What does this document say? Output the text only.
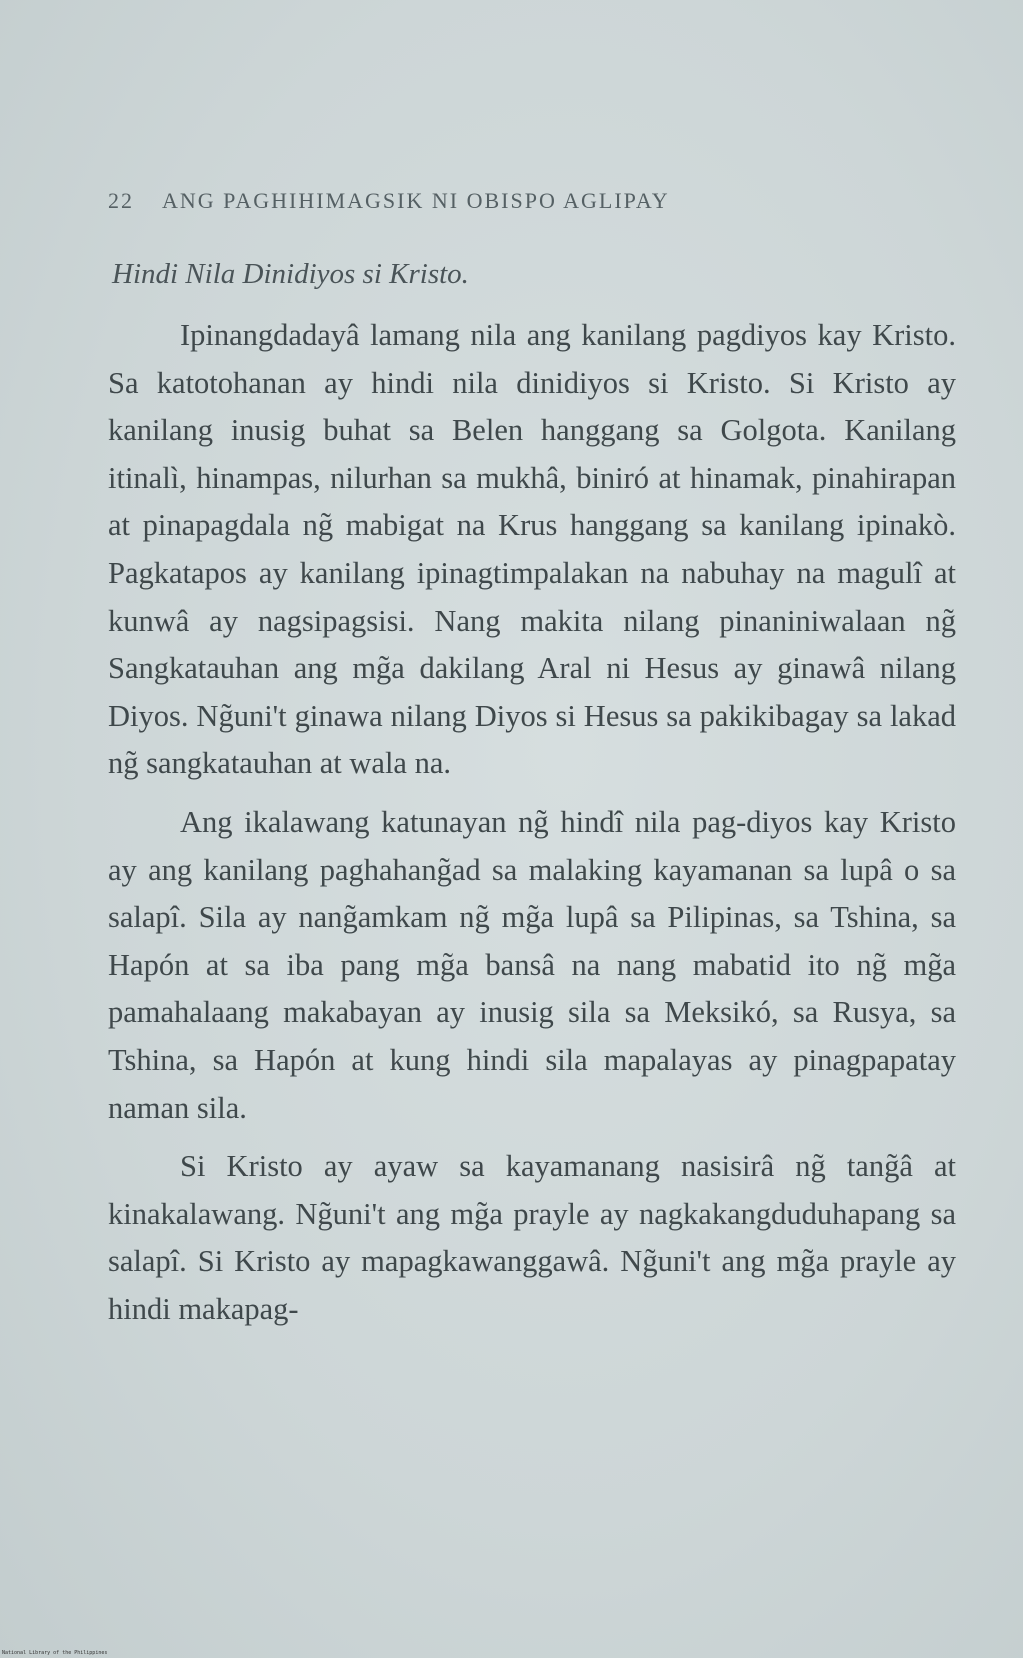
22 ANG PAGHIHIMAGSIK NI OBISPO AGLIPAY
Hindi Nila Dinidiyos si Kristo.

Ipinangdadayâ lamang nila ang kanilang pagdiyos kay Kristo. Sa katotohanan ay hindi nila dinidiyos si Kristo. Si Kristo ay kanilang inusig buhat sa Belen hanggang sa Golgota. Kanilang itinalì, hinampas, nilurhan sa mukhâ, biniró at hinamak, pinahirapan at pinapagdala ng̃ mabigat na Krus hanggang sa kanilang ipinakò. Pagkatapos ay kanilang ipinagtimpalakan na nabuhay na magulî at kunwâ ay nagsipagsisi. Nang makita nilang pinaniniwalaan ng̃ Sangkatauhan ang mg̃a dakilang Aral ni Hesus ay ginawâ nilang Diyos. Ng̃uni't ginawa nilang Diyos si Hesus sa pakikibagay sa lakad ng̃ sangkatauhan at wala na.

Ang ikalawang katunayan ng̃ hindî nila pag-diyos kay Kristo ay ang kanilang paghahang̃ad sa malaking kayamanan sa lupâ o sa salapî. Sila ay nang̃amkam ng̃ mg̃a lupâ sa Pilipinas, sa Tshina, sa Hapón at sa iba pang mg̃a bansâ na nang mabatid ito ng̃ mg̃a pamahalaang makabayan ay inusig sila sa Meksikó, sa Rusya, sa Tshina, sa Hapón at kung hindi sila mapalayas ay pinagpapatay naman sila.

Si Kristo ay ayaw sa kayamanang nasisirâ ng̃ tang̃â at kinakalawang. Ng̃uni't ang mg̃a prayle ay nagkakangduduhapang sa salapî. Si Kristo ay mapagkawanggawâ. Ng̃uni't ang mg̃a prayle ay hindi makapag-

National Library of the Philippines
